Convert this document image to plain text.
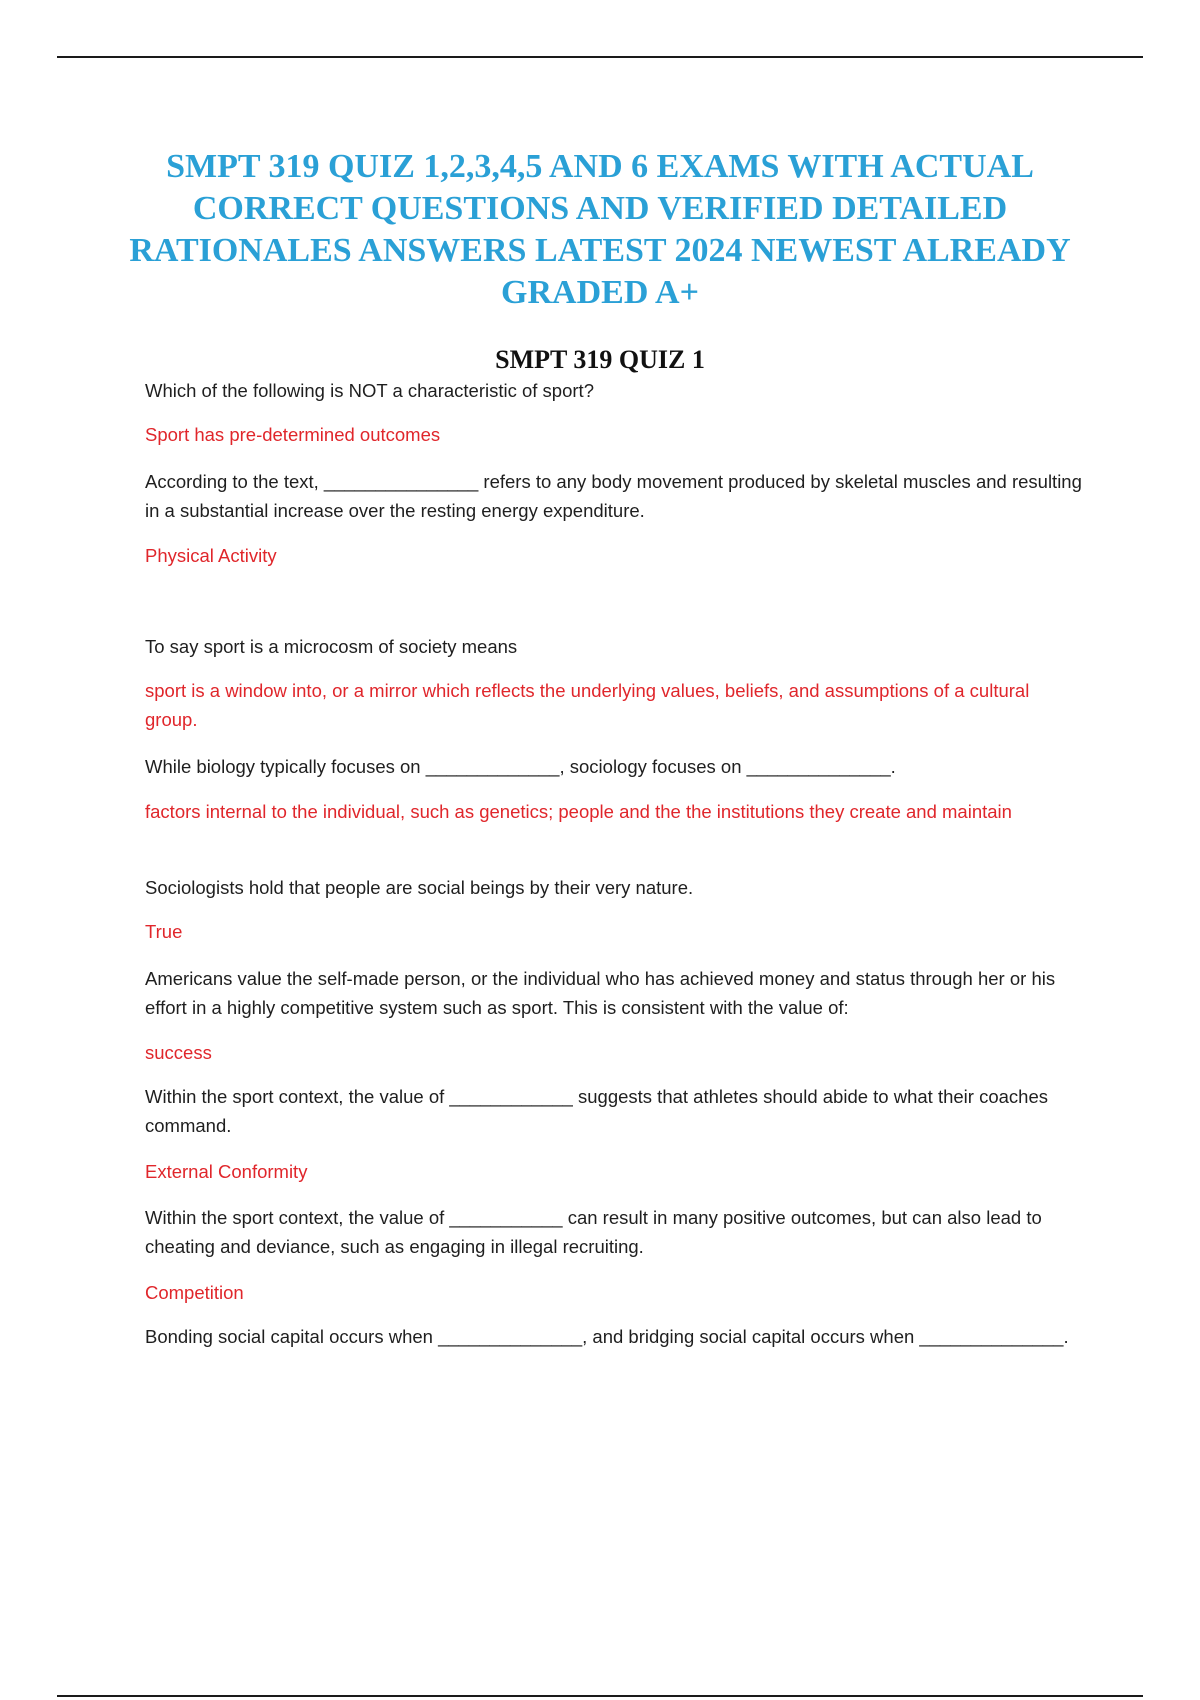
SMPT 319 QUIZ 1,2,3,4,5 AND 6 EXAMS WITH ACTUAL CORRECT QUESTIONS AND VERIFIED DETAILED RATIONALES ANSWERS LATEST 2024 NEWEST ALREADY GRADED A+
SMPT 319 QUIZ 1

Which of the following is NOT a characteristic of sport?

Sport has pre-determined outcomes

According to the text, _______________ refers to any body movement produced by skeletal muscles and resulting in a substantial increase over the resting energy expenditure.

Physical Activity

To say sport is a microcosm of society means

sport is a window into, or a mirror which reflects the underlying values, beliefs, and assumptions of a cultural group.

While biology typically focuses on _____________, sociology focuses on ______________.

factors internal to the individual, such as genetics; people and the the institutions they create and maintain

Sociologists hold that people are social beings by their very nature.

True

Americans value the self-made person, or the individual who has achieved money and status through her or his effort in a highly competitive system such as sport. This is consistent with the value of:

success

Within the sport context, the value of ____________ suggests that athletes should abide to what their coaches command.

External Conformity

Within the sport context, the value of ___________ can result in many positive outcomes, but can also lead to cheating and deviance, such as engaging in illegal recruiting.

Competition

Bonding social capital occurs when ______________, and bridging social capital occurs when ______________.
